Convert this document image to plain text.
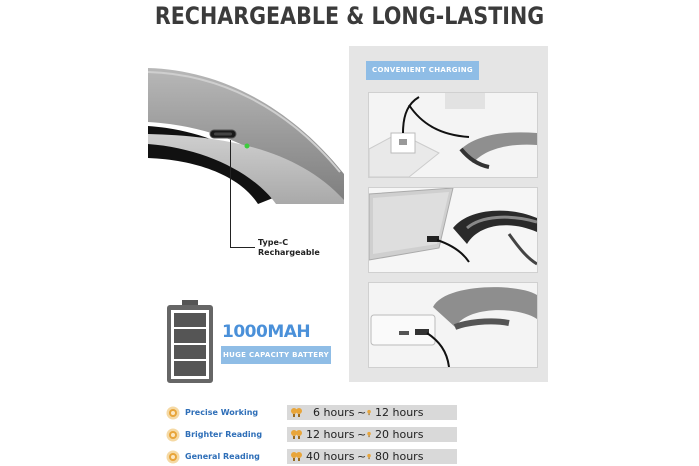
RECHARGEABLE & LONG-LASTING
Type-C
Rechargeable
1000MAH
HUGE CAPACITY BATTERY
CONVENIENT CHARGING
Precise Working	6 hours ~ 12 hours
Brighter Reading	12 hours ~ 20 hours
General Reading	40 hours ~ 80 hours
